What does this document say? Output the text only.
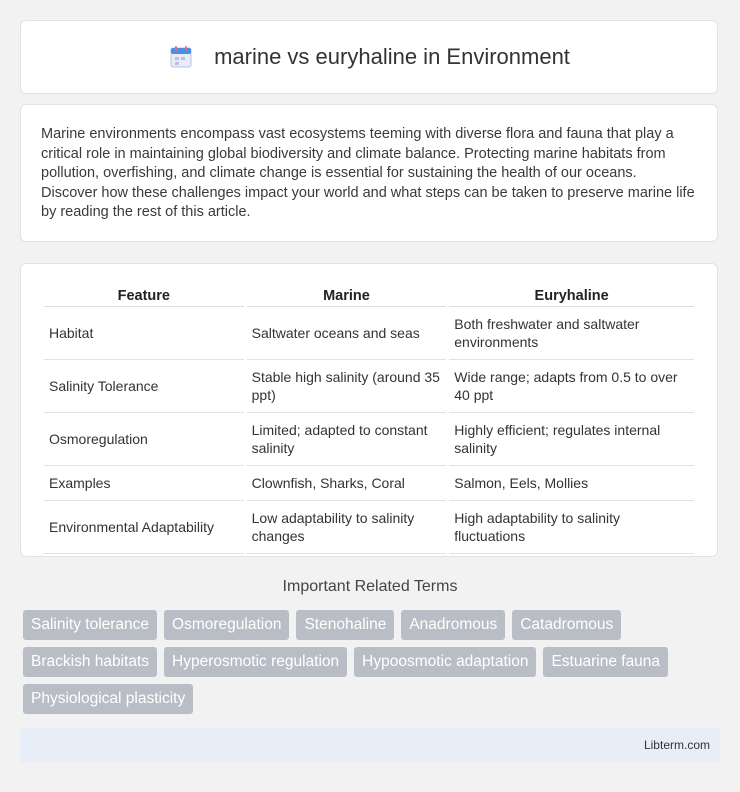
marine vs euryhaline in Environment

Marine environments encompass vast ecosystems teeming with diverse flora and fauna that play a critical role in maintaining global biodiversity and climate balance. Protecting marine habitats from pollution, overfishing, and climate change is essential for sustaining the health of our oceans. Discover how these challenges impact your world and what steps can be taken to preserve marine life by reading the rest of this article.

Feature	Marine	Euryhaline
Habitat	Saltwater oceans and seas	Both freshwater and saltwater environments
Salinity Tolerance	Stable high salinity (around 35 ppt)	Wide range; adapts from 0.5 to over 40 ppt
Osmoregulation	Limited; adapted to constant salinity	Highly efficient; regulates internal salinity
Examples	Clownfish, Sharks, Coral	Salmon, Eels, Mollies
Environmental Adaptability	Low adaptability to salinity changes	High adaptability to salinity fluctuations
Important Related Terms
Salinity tolerance	Osmoregulation	Stenohaline	Anadromous	Catadromous
Brackish habitats	Hyperosmotic regulation	Hypoosmotic adaptation	Estuarine fauna
Physiological plasticity
Libterm.com
